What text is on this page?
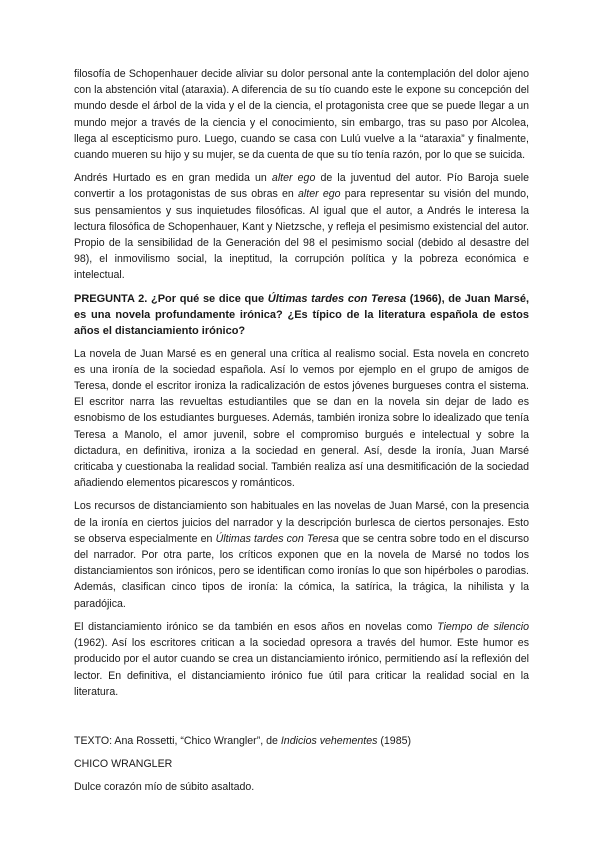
filosofía de Schopenhauer decide aliviar su dolor personal ante la contemplación del dolor ajeno con la abstención vital (ataraxia). A diferencia de su tío cuando este le expone su concepción del mundo desde el árbol de la vida y el de la ciencia, el protagonista cree que se puede llegar a un mundo mejor a través de la ciencia y el conocimiento, sin embargo, tras su paso por Alcolea, llega al escepticismo puro. Luego, cuando se casa con Lulú vuelve a la “ataraxia” y finalmente, cuando mueren su hijo y su mujer, se da cuenta de que su tío tenía razón, por lo que se suicida.

Andrés Hurtado es en gran medida un alter ego de la juventud del autor. Pío Baroja suele convertir a los protagonistas de sus obras en alter ego para representar su visión del mundo, sus pensamientos y sus inquietudes filosóficas. Al igual que el autor, a Andrés le interesa la lectura filosófica de Schopenhauer, Kant y Nietzsche, y refleja el pesimismo existencial del autor. Propio de la sensibilidad de la Generación del 98 el pesimismo social (debido al desastre del 98), el inmovilismo social, la ineptitud, la corrupción política y la pobreza económica e intelectual.

PREGUNTA 2. ¿Por qué se dice que Últimas tardes con Teresa (1966), de Juan Marsé, es una novela profundamente irónica? ¿Es típico de la literatura española de estos años el distanciamiento irónico?

La novela de Juan Marsé es en general una crítica al realismo social. Esta novela en concreto es una ironía de la sociedad española. Así lo vemos por ejemplo en el grupo de amigos de Teresa, donde el escritor ironiza la radicalización de estos jóvenes burgueses contra el sistema. El escritor narra las revueltas estudiantiles que se dan en la novela sin dejar de lado es esnobismo de los estudiantes burgueses. Además, también ironiza sobre lo idealizado que tenía Teresa a Manolo, el amor juvenil, sobre el compromiso burgués e intelectual y sobre la dictadura, en definitiva, ironiza a la sociedad en general. Así, desde la ironía, Juan Marsé criticaba y cuestionaba la realidad social. También realiza así una desmitificación de la sociedad añadiendo elementos picarescos y románticos.

Los recursos de distanciamiento son habituales en las novelas de Juan Marsé, con la presencia de la ironía en ciertos juicios del narrador y la descripción burlesca de ciertos personajes. Esto se observa especialmente en Últimas tardes con Teresa que se centra sobre todo en el discurso del narrador. Por otra parte, los críticos exponen que en la novela de Marsé no todos los distanciamientos son irónicos, pero se identifican como ironías lo que son hipérboles o parodias. Además, clasifican cinco tipos de ironía: la cómica, la satírica, la trágica, la nihilista y la paradójica.

El distanciamiento irónico se da también en esos años en novelas como Tiempo de silencio (1962). Así los escritores critican a la sociedad opresora a través del humor. Este humor es producido por el autor cuando se crea un distanciamiento irónico, permitiendo así la reflexión del lector. En definitiva, el distanciamiento irónico fue útil para criticar la realidad social en la literatura.

TEXTO: Ana Rossetti, “Chico Wrangler”, de Indicios vehementes (1985)

CHICO WRANGLER

Dulce corazón mío de súbito asaltado.
